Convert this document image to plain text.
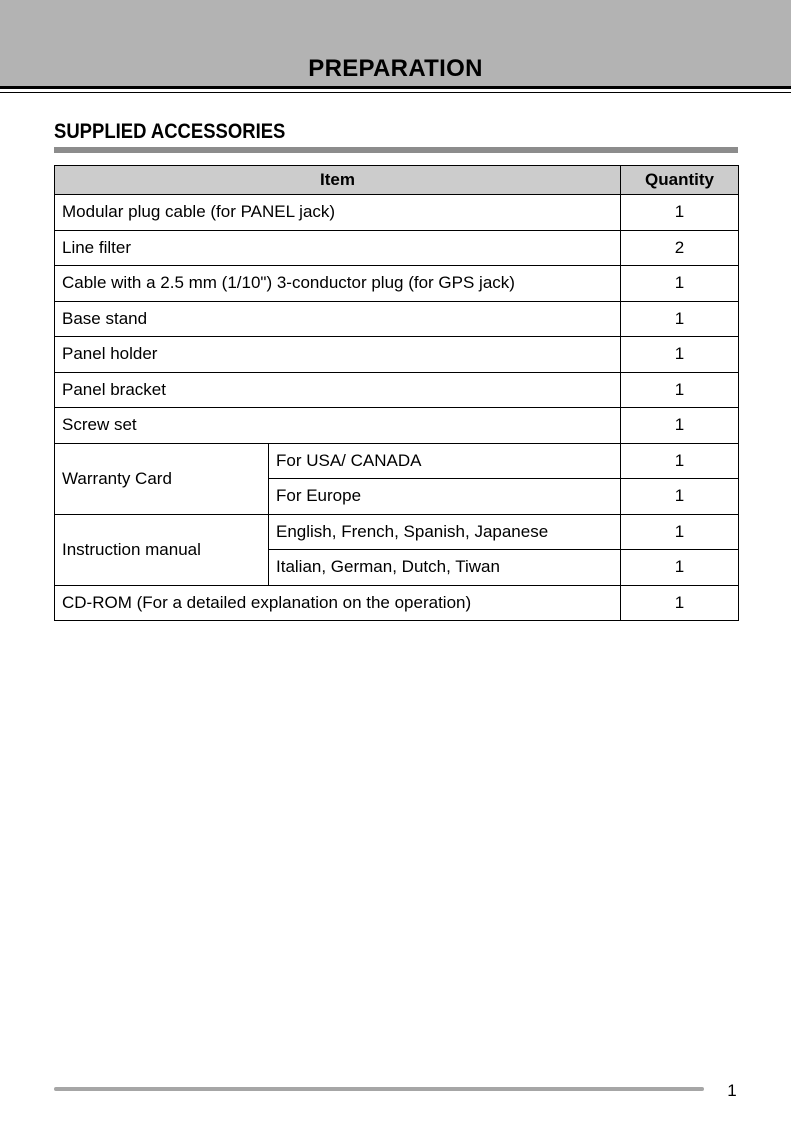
PREPARATION
SUPPLIED ACCESSORIES
Item		Quantity
Modular plug cable (for PANEL jack)		1
Line filter		2
Cable with a 2.5 mm (1/10") 3-conductor plug (for GPS jack)		1
Base stand		1
Panel holder		1
Panel bracket		1
Screw set		1
Warranty Card	For USA/ CANADA	1
	For Europe	1
Instruction manual	English, French, Spanish, Japanese	1
	Italian, German, Dutch, Tiwan	1
CD-ROM (For a detailed explanation on the operation)		1
1
